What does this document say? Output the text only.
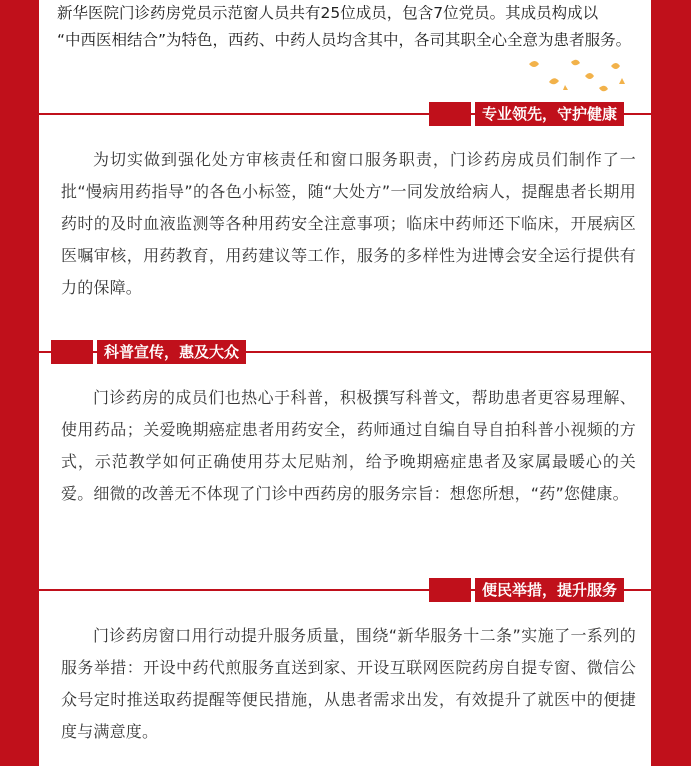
新华医院门诊药房党员示范窗人员共有25位成员，包含7位党员。其成员构成以
“中西医相结合”为特色，西药、中药人员均含其中，各司其职全心全意为患者服务。
专业领先，守护健康

为切实做到强化处方审核责任和窗口服务职责，门诊药房成员们制作了一批“慢病用药指导”的各色小标签，随“大处方”一同发放给病人，提醒患者长期用药时的及时血液监测等各种用药安全注意事项；临床中药师还下临床，开展病区医嘱审核，用药教育，用药建议等工作，服务的多样性为进博会安全运行提供有力的保障。

科普宣传，惠及大众

门诊药房的成员们也热心于科普，积极撰写科普文，帮助患者更容易理解、使用药品；关爱晚期癌症患者用药安全，药师通过自编自导自拍科普小视频的方式，示范教学如何正确使用芬太尼贴剂，给予晚期癌症患者及家属最暖心的关爱。细微的改善无不体现了门诊中西药房的服务宗旨：想您所想，“药”您健康。

便民举措，提升服务

门诊药房窗口用行动提升服务质量，围绕“新华服务十二条”实施了一系列的服务举措：开设中药代煎服务直送到家、开设互联网医院药房自提专窗、微信公众号定时推送取药提醒等便民措施，从患者需求出发，有效提升了就医中的便捷度与满意度。
